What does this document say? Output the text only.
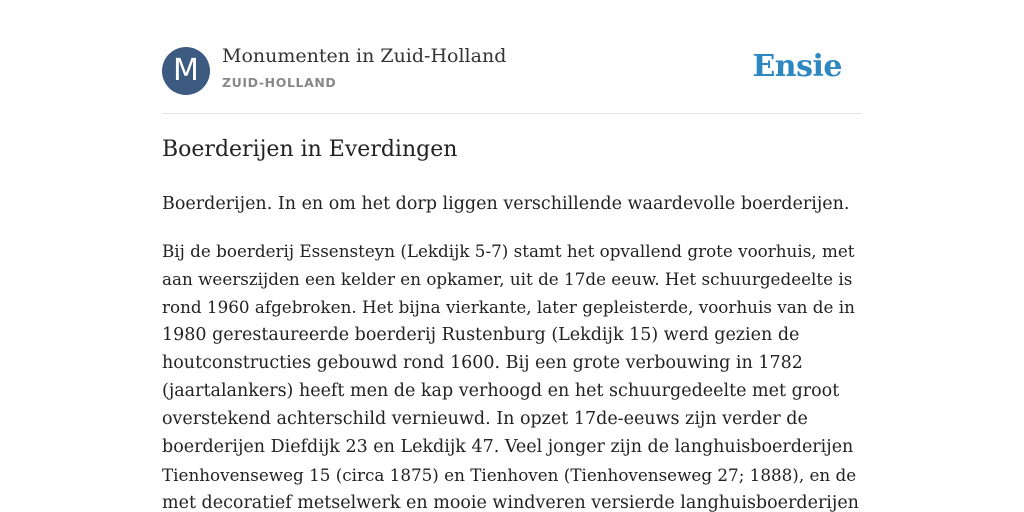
M	Monumenten in Zuid-Holland
ZUID-HOLLAND	Ensie
Boerderijen in Everdingen

Boerderijen. In en om het dorp liggen verschillende waardevolle boerderijen.

Bij de boerderij Essensteyn (Lekdijk 5-7) stamt het opvallend grote voorhuis, met
aan weerszijden een kelder en opkamer, uit de 17de eeuw. Het schuurgedeelte is
rond 1960 afgebroken. Het bijna vierkante, later gepleisterde, voorhuis van de in
1980 gerestaureerde boerderij Rustenburg (Lekdijk 15) werd gezien de
houtconstructies gebouwd rond 1600. Bij een grote verbouwing in 1782
(jaartalankers) heeft men de kap verhoogd en het schuurgedeelte met groot
overstekend achterschild vernieuwd. In opzet 17de-eeuws zijn verder de
boerderijen Diefdijk 23 en Lekdijk 47. Veel jonger zijn de langhuisboerderijen
Tienhovenseweg 15 (circa 1875) en Tienhoven (Tienhovenseweg 27; 1888), en de
met decoratief metselwerk en mooie windveren versierde langhuisboerderijen
